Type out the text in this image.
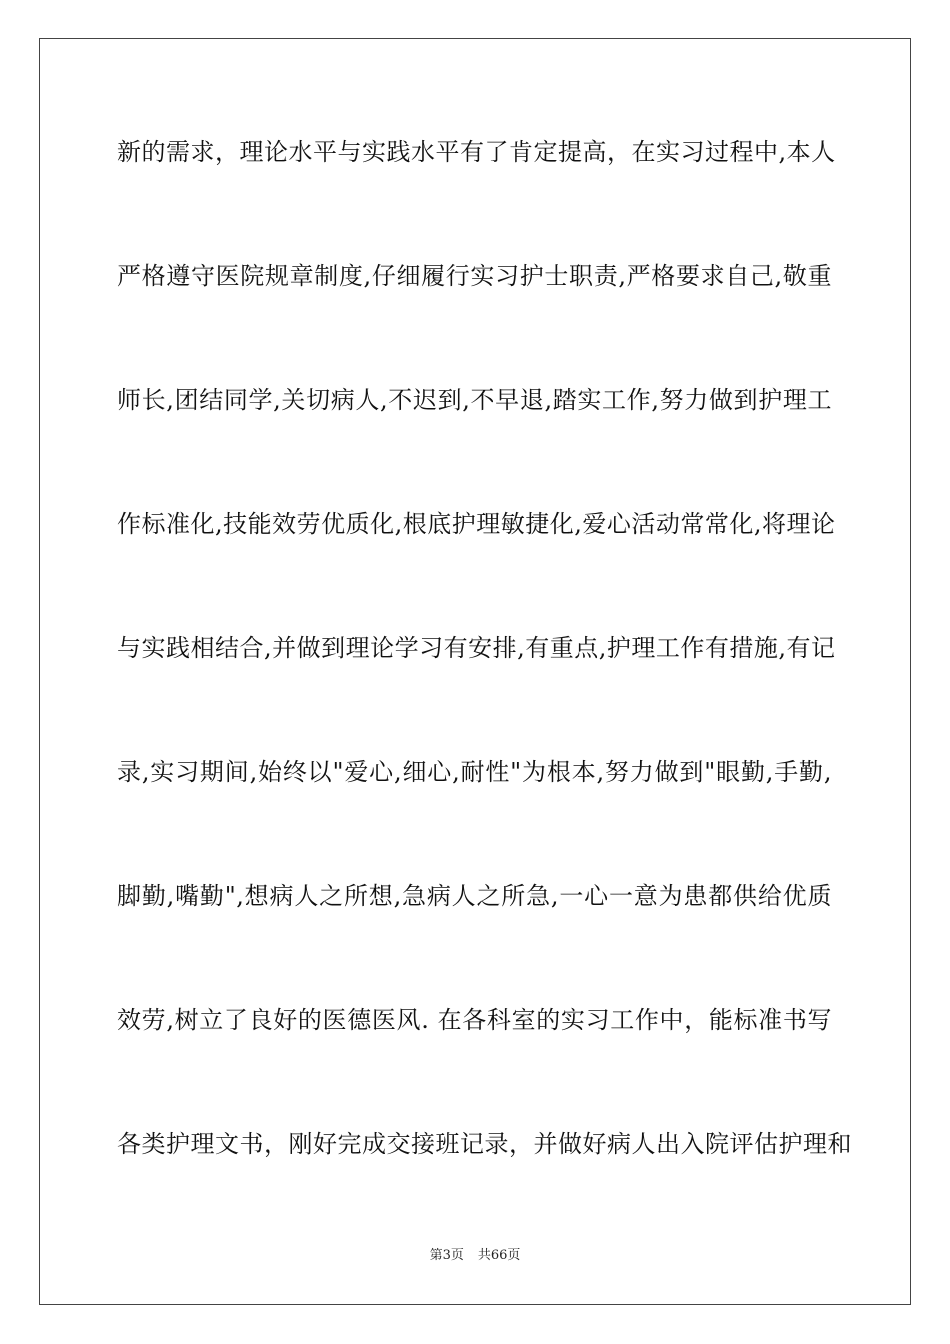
新的需求，理论水平与实践水平有了肯定提高，在实习过程中,本人
严格遵守医院规章制度,仔细履行实习护士职责,严格要求自己,敬重
师长,团结同学,关切病人,不迟到,不早退,踏实工作,努力做到护理工
作标准化,技能效劳优质化,根底护理敏捷化,爱心活动常常化,将理论
与实践相结合,并做到理论学习有安排,有重点,护理工作有措施,有记
录,实习期间,始终以"爱心,细心,耐性"为根本,努力做到"眼勤,手勤,
脚勤,嘴勤",想病人之所想,急病人之所急,一心一意为患都供给优质
效劳,树立了良好的医德医风. 在各科室的实习工作中，能标准书写
各类护理文书，刚好完成交接班记录，并做好病人出入院评估护理和
第3页 共66页
